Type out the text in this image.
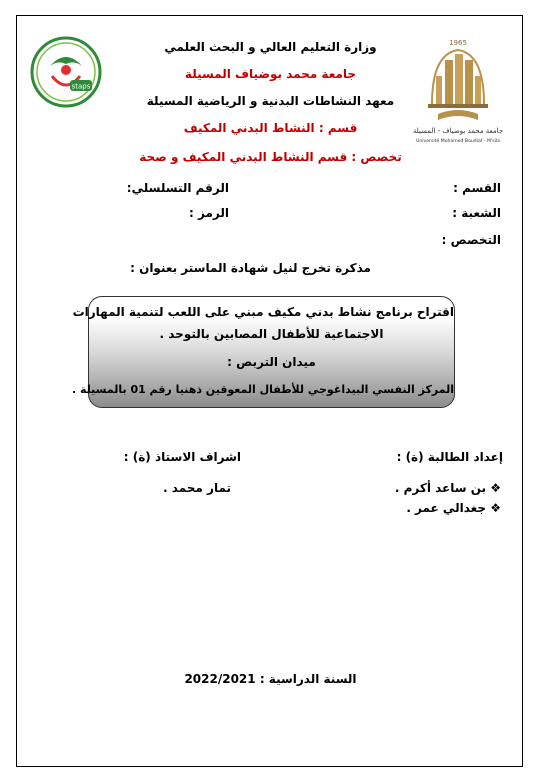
staps
1965
جامعة محمد بوضياف - المسيلة
Université Mohamed Boudiaf - M'sila
وزارة التعليم العالي و البحث العلمي
جامعة محمد بوضياف المسيلة
معهد النشاطات البدنية و الرياضية المسيلة
قسم : النشاط البدني المكيف
تخصص : قسم النشاط البدني المكيف و صحة
القسم :
الشعبة :
التخصص :
الرقم التسلسلي:
الرمز :
مذكرة تخرج لنيل شهادة الماستر بعنوان :
اقتراح برنامج نشاط بدني مكيف مبني على اللعب لتنمية المهارات
الاجتماعية للأطفال المصابين بالتوحد .
ميدان التربص :
المركز النفسي البيداغوجي للأطفال المعوقين ذهنيا رقم 01 بالمسيلة .
إعداد الطالبة (ة) :
اشراف الاستاذ (ة) :
❖ بن ساعد أكرم .
❖ جغدالي عمر .
تمار محمد .
السنة الدراسية : 2022/2021
